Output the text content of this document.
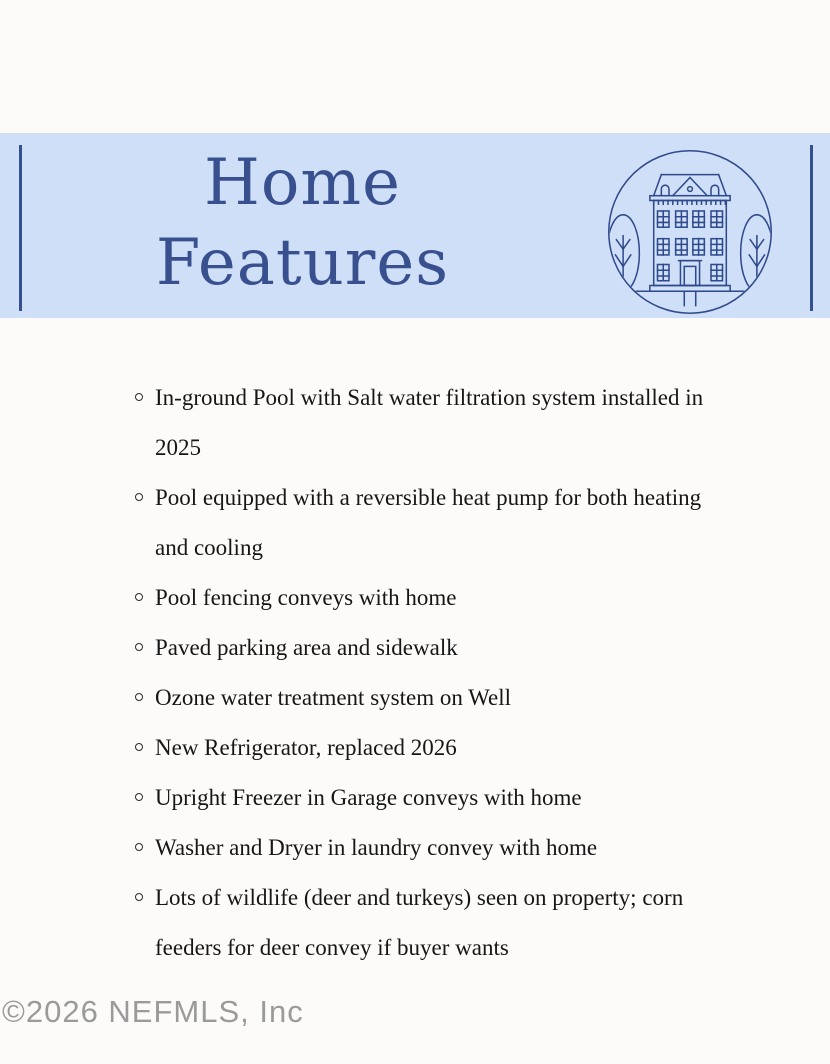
Home
Features
In-ground Pool with Salt water filtration system installed in 2025
Pool equipped with a reversible heat pump for both heating and cooling
Pool fencing conveys with home
Paved parking area and sidewalk
Ozone water treatment system on Well
New Refrigerator, replaced 2026
Upright Freezer in Garage conveys with home
Washer and Dryer in laundry convey with home
Lots of wildlife (deer and turkeys) seen on property; corn feeders for deer convey if buyer wants
©2026 NEFMLS, Inc
